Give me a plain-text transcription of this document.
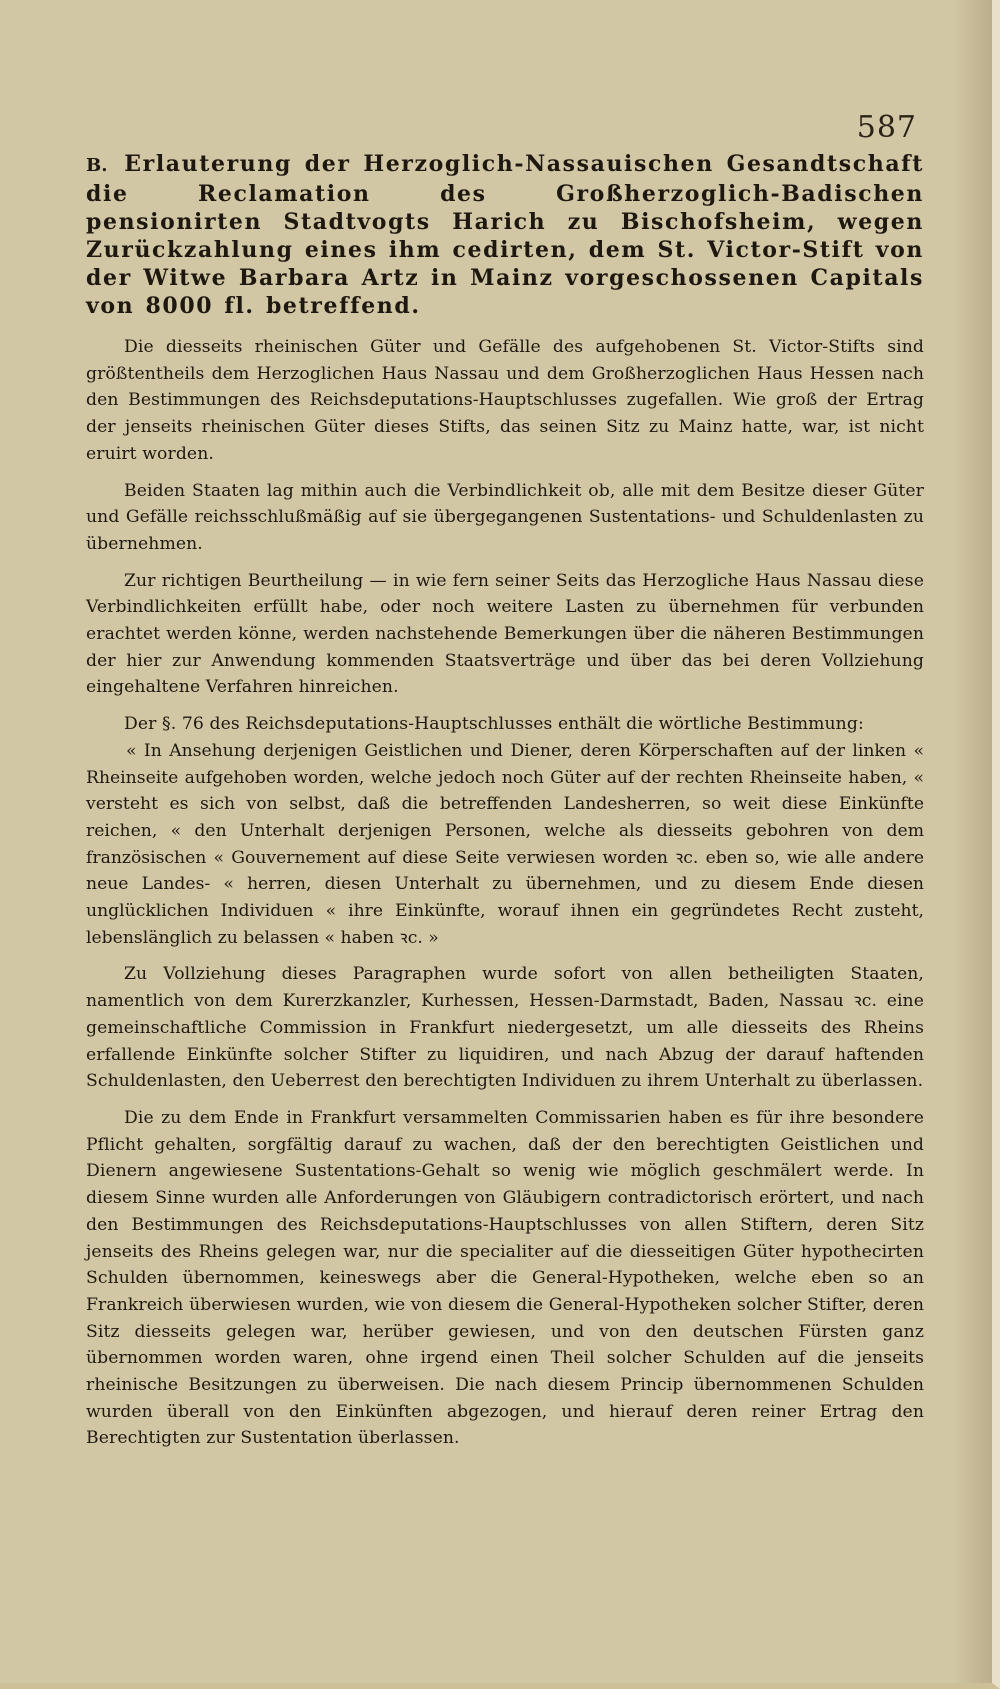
587
B. Erlauterung der Herzoglich-Nassauischen Gesandtschaft die Reclamation des Großherzoglich-Badischen pensionirten Stadtvogts Harich zu Bischofsheim, wegen Zurückzahlung eines ihm cedirten, dem St. Victor-Stift von der Witwe Barbara Artz in Mainz vorgeschossenen Capitals von 8000 fl. betreffend.

Die diesseits rheinischen Güter und Gefälle des aufgehobenen St. Victor-Stifts sind größtentheils dem Herzoglichen Haus Nassau und dem Großherzoglichen Haus Hessen nach den Bestimmungen des Reichsdeputations-Hauptschlusses zugefallen. Wie groß der Ertrag der jenseits rheinischen Güter dieses Stifts, das seinen Sitz zu Mainz hatte, war, ist nicht eruirt worden.

Beiden Staaten lag mithin auch die Verbindlichkeit ob, alle mit dem Besitze dieser Güter und Gefälle reichsschlußmäßig auf sie übergegangenen Sustentations- und Schuldenlasten zu übernehmen.

Zur richtigen Beurtheilung — in wie fern seiner Seits das Herzogliche Haus Nassau diese Verbindlichkeiten erfüllt habe, oder noch weitere Lasten zu übernehmen für verbunden erachtet werden könne, werden nachstehende Bemerkungen über die näheren Bestimmungen der hier zur Anwendung kommenden Staatsverträge und über das bei deren Vollziehung eingehaltene Verfahren hinreichen.

Der §. 76 des Reichsdeputations-Hauptschlusses enthält die wörtliche Bestimmung:

« In Ansehung derjenigen Geistlichen und Diener, deren Körperschaften auf der linken « Rheinseite aufgehoben worden, welche jedoch noch Güter auf der rechten Rheinseite haben, « versteht es sich von selbst, daß die betreffenden Landesherren, so weit diese Einkünfte reichen, « den Unterhalt derjenigen Personen, welche als diesseits gebohren von dem französischen « Gouvernement auf diese Seite verwiesen worden ꝛc. eben so, wie alle andere neue Landes- « herren, diesen Unterhalt zu übernehmen, und zu diesem Ende diesen unglücklichen Individuen « ihre Einkünfte, worauf ihnen ein gegründetes Recht zusteht, lebenslänglich zu belassen « haben ꝛc. »

Zu Vollziehung dieses Paragraphen wurde sofort von allen betheiligten Staaten, namentlich von dem Kurerzkanzler, Kurhessen, Hessen-Darmstadt, Baden, Nassau ꝛc. eine gemeinschaftliche Commission in Frankfurt niedergesetzt, um alle diesseits des Rheins erfallende Einkünfte solcher Stifter zu liquidiren, und nach Abzug der darauf haftenden Schuldenlasten, den Ueberrest den berechtigten Individuen zu ihrem Unterhalt zu überlassen.

Die zu dem Ende in Frankfurt versammelten Commissarien haben es für ihre besondere Pflicht gehalten, sorgfältig darauf zu wachen, daß der den berechtigten Geistlichen und Dienern angewiesene Sustentations-Gehalt so wenig wie möglich geschmälert werde. In diesem Sinne wurden alle Anforderungen von Gläubigern contradictorisch erörtert, und nach den Bestimmungen des Reichsdeputations-Hauptschlusses von allen Stiftern, deren Sitz jenseits des Rheins gelegen war, nur die specialiter auf die diesseitigen Güter hypothecirten Schulden übernommen, keineswegs aber die General-Hypotheken, welche eben so an Frankreich überwiesen wurden, wie von diesem die General-Hypotheken solcher Stifter, deren Sitz diesseits gelegen war, herüber gewiesen, und von den deutschen Fürsten ganz übernommen worden waren, ohne irgend einen Theil solcher Schulden auf die jenseits rheinische Besitzungen zu überweisen. Die nach diesem Princip übernommenen Schulden wurden überall von den Einkünften abgezogen, und hierauf deren reiner Ertrag den Berechtigten zur Sustentation überlassen.
